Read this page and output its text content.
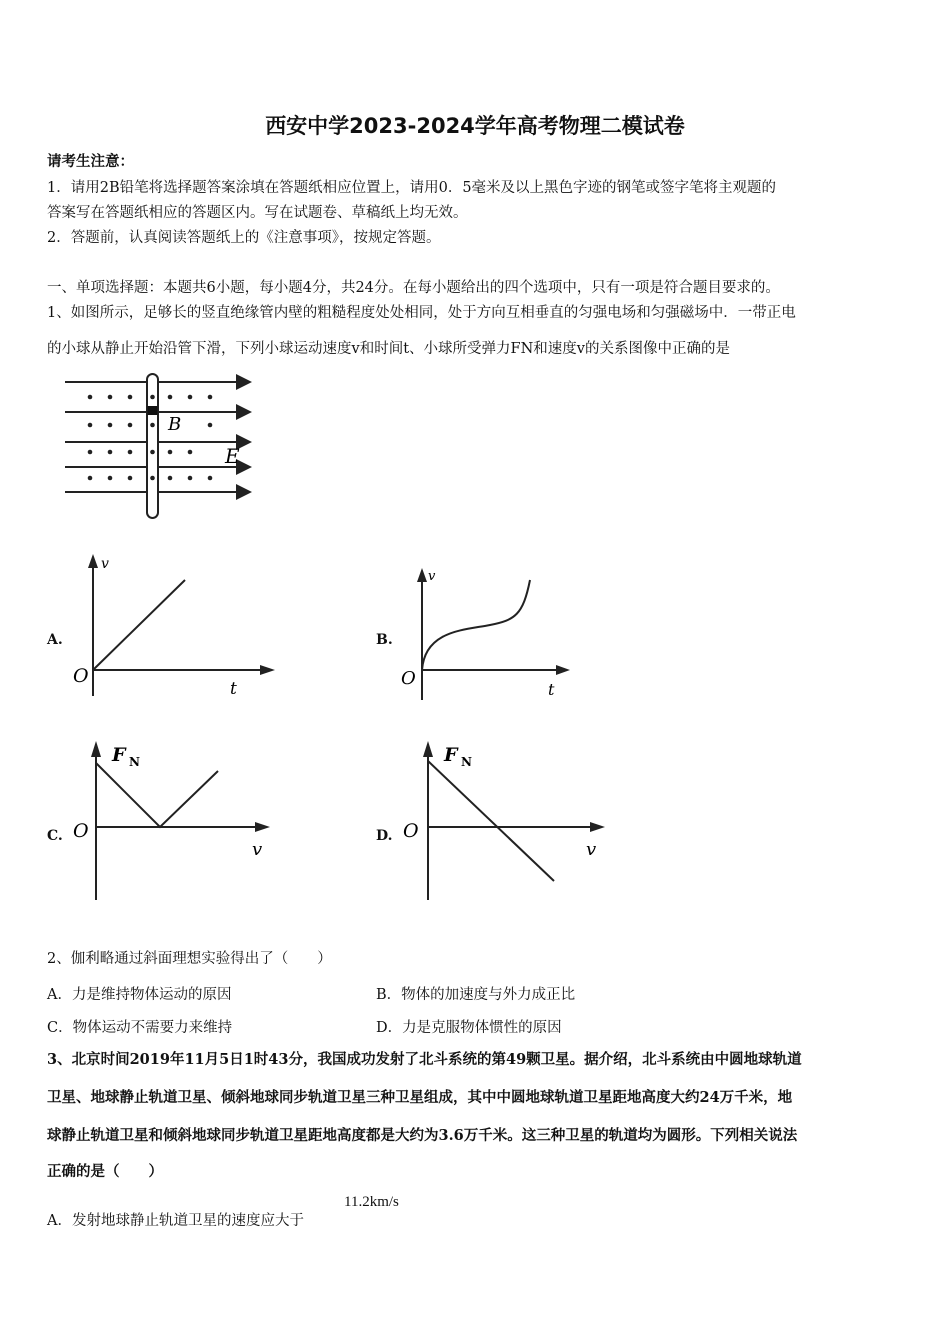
西安中学2023-2024学年高考物理二模试卷
请考生注意：
1．请用2B铅笔将选择题答案涂填在答题纸相应位置上，请用0．5毫米及以上黑色字迹的钢笔或签字笔将主观题的
答案写在答题纸相应的答题区内。写在试题卷、草稿纸上均无效。
2．答题前，认真阅读答题纸上的《注意事项》，按规定答题。
一、单项选择题：本题共6小题，每小题4分，共24分。在每小题给出的四个选项中，只有一项是符合题目要求的。
1、如图所示，足够长的竖直绝缘管内壁的粗糙程度处处相同，处于方向互相垂直的匀强电场和匀强磁场中．一带正电
的小球从静止开始沿管下滑，下列小球运动速度v和时间t、小球所受弹力FN和速度v的关系图像中正确的是
B
E
A.
v
O
t
B.
v
O
t
C.
F N
O
v
D.
F N
O
v
2、伽利略通过斜面理想实验得出了（　　）
A．力是维持物体运动的原因	B．物体的加速度与外力成正比
C．物体运动不需要力来维持	D．力是克服物体惯性的原因
3、北京时间2019年11月5日1时43分，我国成功发射了北斗系统的第49颗卫星。据介绍，北斗系统由中圆地球轨道
卫星、地球静止轨道卫星、倾斜地球同步轨道卫星三种卫星组成，其中中圆地球轨道卫星距地高度大约24万千米，地
球静止轨道卫星和倾斜地球同步轨道卫星距地高度都是大约为3.6万千米。这三种卫星的轨道均为圆形。下列相关说法
正确的是（　　）
A．发射地球静止轨道卫星的速度应大于
11.2km/s
